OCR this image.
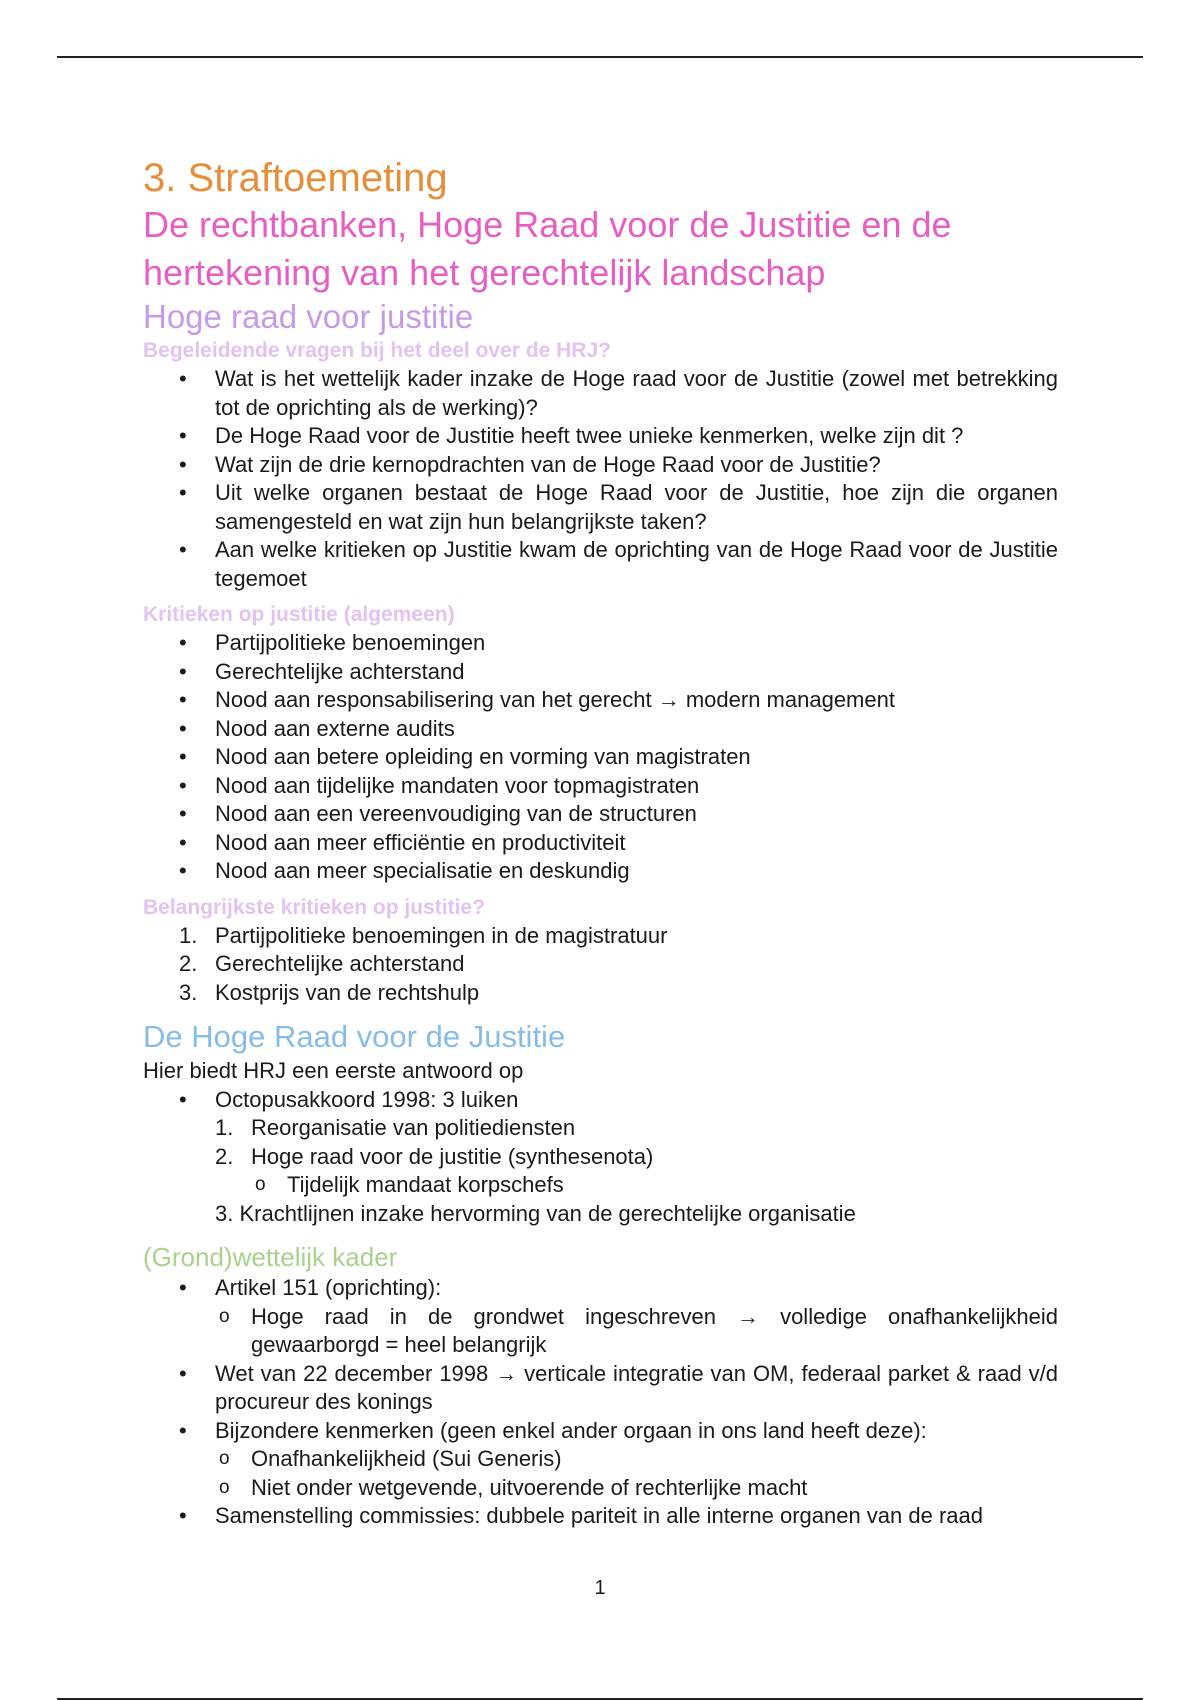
3. Straftoemeting
De rechtbanken, Hoge Raad voor de Justitie en de hertekening van het gerechtelijk landschap
Hoge raad voor justitie
Begeleidende vragen bij het deel over de HRJ?
• Wat is het wettelijk kader inzake de Hoge raad voor de Justitie (zowel met betrekking tot de oprichting als de werking)?
• De Hoge Raad voor de Justitie heeft twee unieke kenmerken, welke zijn dit ?
• Wat zijn de drie kernopdrachten van de Hoge Raad voor de Justitie?
• Uit welke organen bestaat de Hoge Raad voor de Justitie, hoe zijn die organen samengesteld en wat zijn hun belangrijkste taken?
• Aan welke kritieken op Justitie kwam de oprichting van de Hoge Raad voor de Justitie tegemoet
Kritieken op justitie (algemeen)
• Partijpolitieke benoemingen
• Gerechtelijke achterstand
• Nood aan responsabilisering van het gerecht → modern management
• Nood aan externe audits
• Nood aan betere opleiding en vorming van magistraten
• Nood aan tijdelijke mandaten voor topmagistraten
• Nood aan een vereenvoudiging van de structuren
• Nood aan meer efficiëntie en productiviteit
• Nood aan meer specialisatie en deskundig
Belangrijkste kritieken op justitie?
1. Partijpolitieke benoemingen in de magistratuur
2. Gerechtelijke achterstand
3. Kostprijs van de rechtshulp
De Hoge Raad voor de Justitie

Hier biedt HRJ een eerste antwoord op

• Octopusakkoord 1998: 3 luiken
1. Reorganisatie van politiediensten
2. Hoge raad voor de justitie (synthesenota)
o Tijdelijk mandaat korpschefs
3. Krachtlijnen inzake hervorming van de gerechtelijke organisatie
(Grond)wettelijk kader
• Artikel 151 (oprichting):
o Hoge raad in de grondwet ingeschreven → volledige onafhankelijkheid gewaarborgd = heel belangrijk
• Wet van 22 december 1998 → verticale integratie van OM, federaal parket & raad v/d procureur des konings
• Bijzondere kenmerken (geen enkel ander orgaan in ons land heeft deze):
o Onafhankelijkheid (Sui Generis)
o Niet onder wetgevende, uitvoerende of rechterlijke macht
• Samenstelling commissies: dubbele pariteit in alle interne organen van de raad
1
